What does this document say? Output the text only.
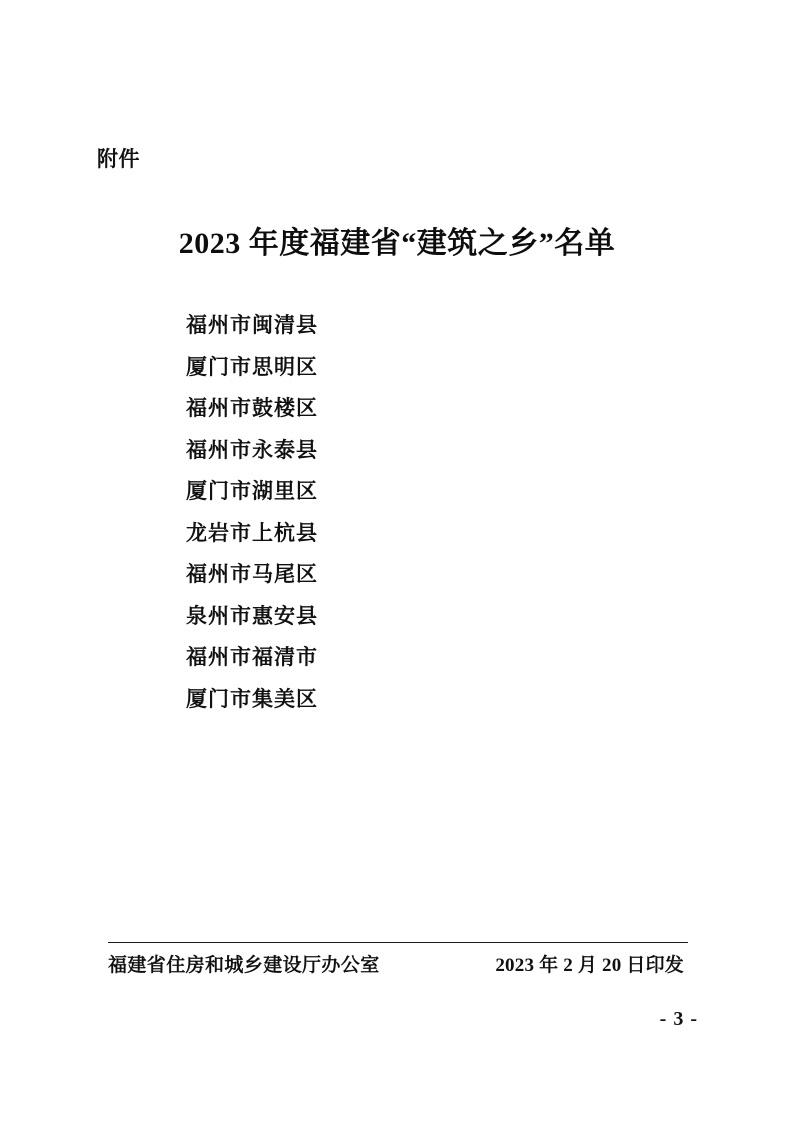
附件
2023 年度福建省“建筑之乡”名单
福州市闽清县
厦门市思明区
福州市鼓楼区
福州市永泰县
厦门市湖里区
龙岩市上杭县
福州市马尾区
泉州市惠安县
福州市福清市
厦门市集美区
福建省住房和城乡建设厅办公室	2023 年 2 月 20 日印发
- 3 -
